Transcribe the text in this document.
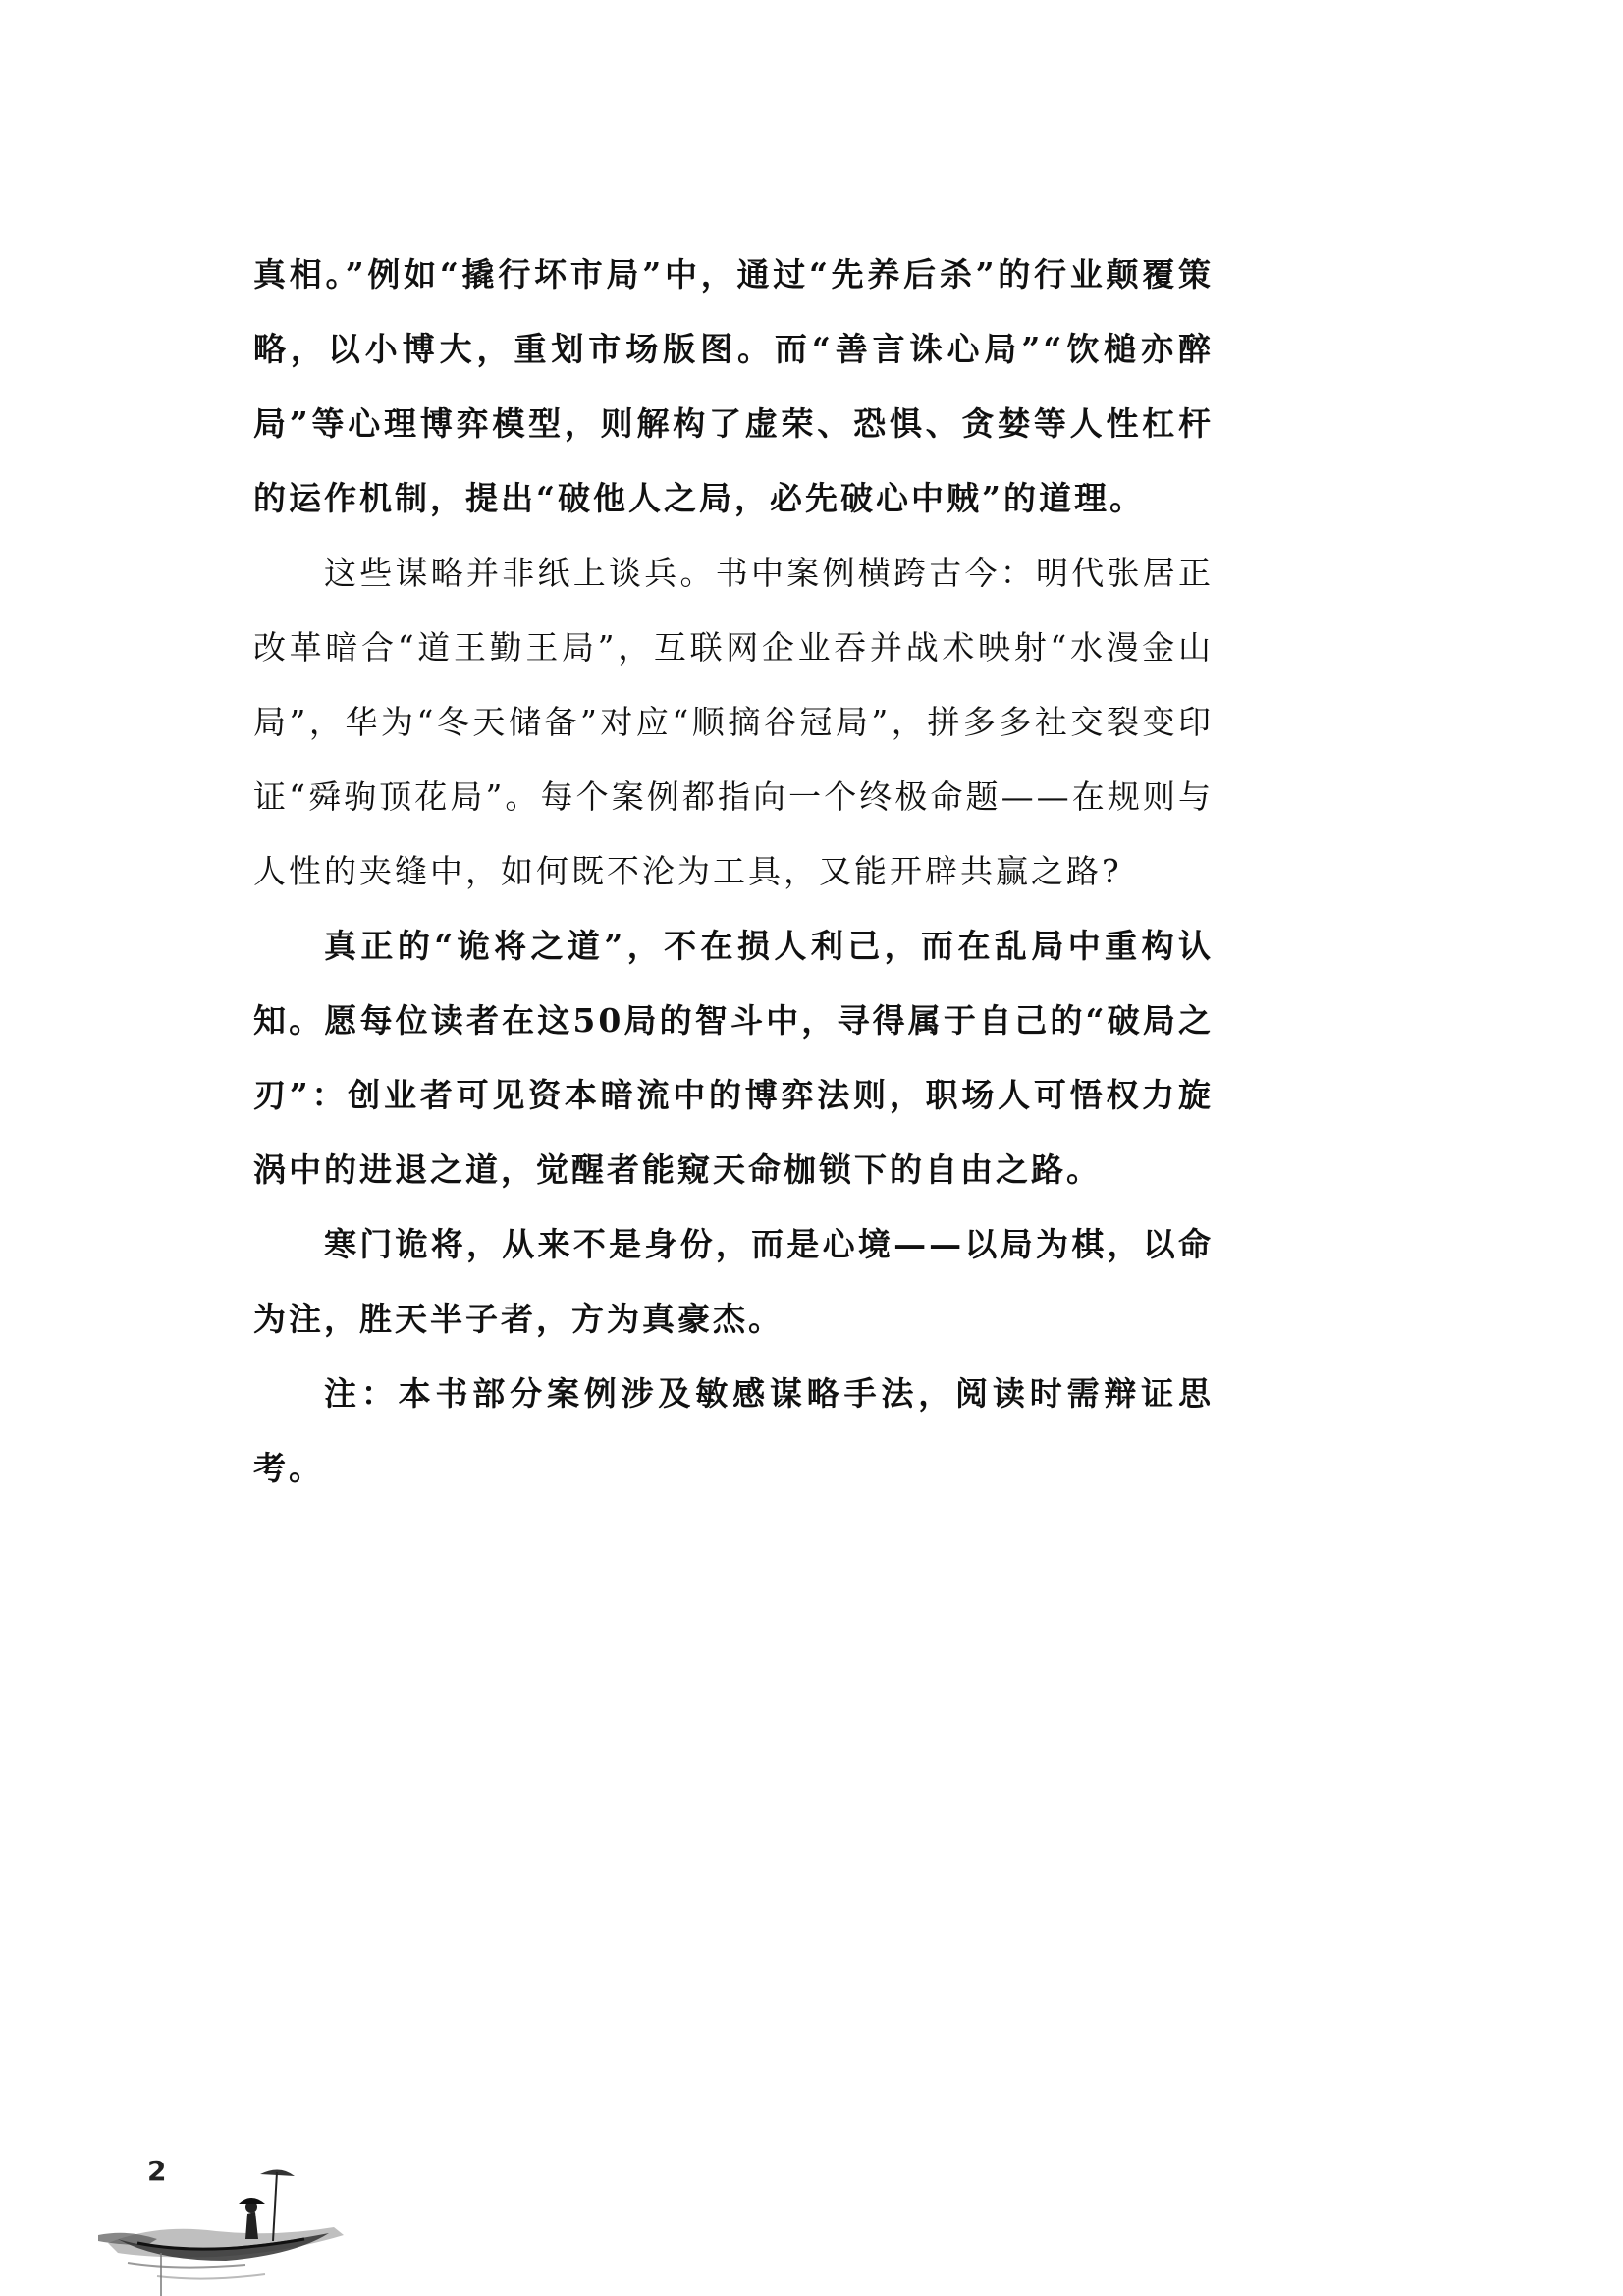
真相。”例如“撬行坏市局”中，通过“先养后杀”的行业颠覆策略，以小博大，重划市场版图。而“善言诛心局”“饮槌亦醉局”等心理博弈模型，则解构了虚荣、恐惧、贪婪等人性杠杆的运作机制，提出“破他人之局，必先破心中贼”的道理。

这些谋略并非纸上谈兵。书中案例横跨古今：明代张居正改革暗合“道王勤王局”，互联网企业吞并战术映射“水漫金山局”，华为“冬天储备”对应“顺摘谷冠局”，拼多多社交裂变印证“舜驹顶花局”。每个案例都指向一个终极命题——在规则与人性的夹缝中，如何既不沦为工具，又能开辟共赢之路?

真正的“诡将之道”，不在损人利己，而在乱局中重构认知。愿每位读者在这50局的智斗中，寻得属于自己的“破局之刃”：创业者可见资本暗流中的博弈法则，职场人可悟权力旋涡中的进退之道，觉醒者能窥天命枷锁下的自由之路。

寒门诡将，从来不是身份，而是心境——以局为棋，以命为注，胜天半子者，方为真豪杰。

注：本书部分案例涉及敏感谋略手法，阅读时需辩证思考。

2
